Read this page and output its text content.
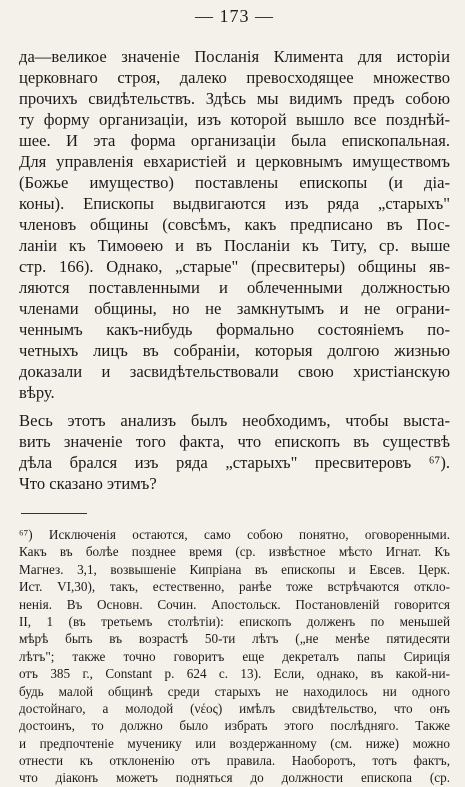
— 173 —
да—великое значеніе Посланія Климента для исторіи
церковнаго строя, далеко превосходящее множество
прочихъ свидѣтельствъ. Здѣсь мы видимъ предъ собою
ту форму организаціи, изъ которой вышло все позднѣй-
шее. И эта форма организаціи была епископальная.
Для управленія евхаристіей и церковнымъ имуществомъ
(Божье имущество) поставлены епископы (и діа-
коны). Епископы выдвигаются изъ ряда „старыхъ"
членовъ общины (совсѣмъ, какъ предписано въ Пос-
ланіи къ Тимоѳею и въ Посланіи къ Титу, ср. выше
стр. 166). Однако, „старые" (пресвитеры) общины яв-
ляются поставленными и облеченными должностью
членами общины, но не замкнутымъ и не ограни-
ченнымъ какъ-нибудь формально состояніемъ по-
четныхъ лицъ въ собраніи, которыя долгою жизнью
доказали и засвидѣтельствовали свою христіанскую
вѣру.
Весь этотъ анализъ былъ необходимъ, чтобы выста-
вить значеніе того факта, что епископъ въ существѣ
дѣла брался изъ ряда „старыхъ" пресвитеровъ ⁶⁷).
Что сказано этимъ?
⁶⁷) Исключенія остаются, само собою понятно, оговоренными.
Какъ въ болѣе позднее время (ср. извѣстное мѣсто Игнат. Къ
Магнез. 3,1, возвышеніе Кипріана въ епископы и Евсев. Церк.
Ист. VI,30), такъ, естественно, ранѣе тоже встрѣчаются откло-
ненія. Въ Основн. Сочин. Апостольск. Постановленій говорится
II, 1 (въ третьемъ столѣтіи): епископъ долженъ по меньшей
мѣрѣ быть въ возрастѣ 50-ти лѣтъ („не менѣе пятидесяти
лѣтъ"; также точно говоритъ еще декреталъ папы Сириція
отъ 385 г., Constant p. 624 c. 13). Если, однако, въ какой-ни-
будь малой общинѣ среди старыхъ не находилось ни одного
достойнаго, а молодой (νέος) имѣлъ свидѣтельство, что онъ
достоинъ, то должно было избрать этого послѣдняго. Также
и предпочтеніе мученику или воздержанному (см. ниже) можно
отнести къ отклоненію отъ правила. Наоборотъ, тотъ фактъ,
что діаконъ можетъ подняться до должности епископа (ср.
